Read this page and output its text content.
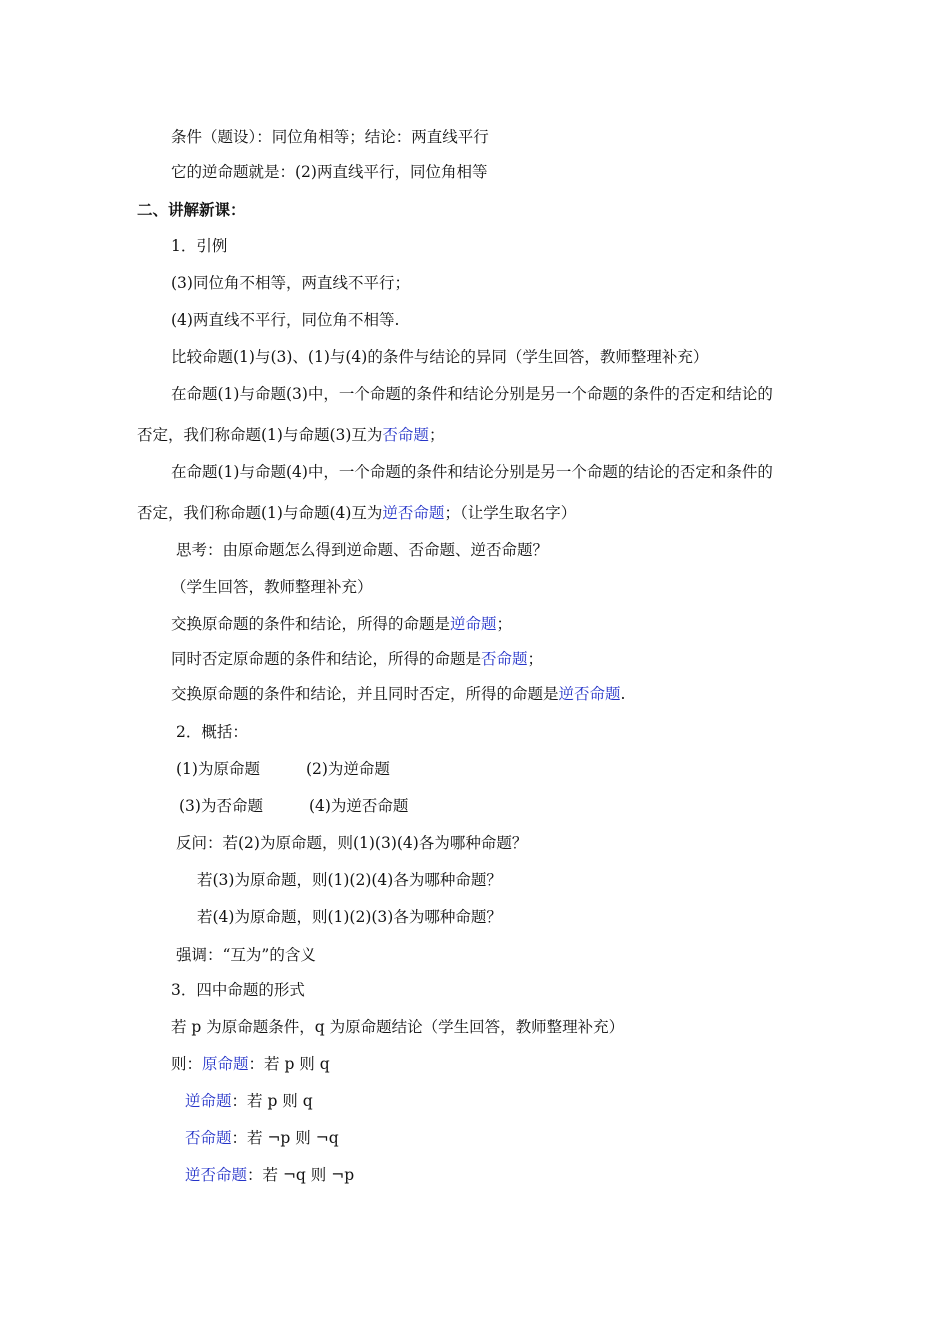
条件（题设）：同位角相等；结论：两直线平行
它的逆命题就是：(2)两直线平行，同位角相等
二、讲解新课：
1．引例
(3)同位角不相等，两直线不平行；
(4)两直线不平行，同位角不相等.
比较命题(1)与(3)、(1)与(4)的条件与结论的异同（学生回答，教师整理补充）
在命题(1)与命题(3)中，一个命题的条件和结论分别是另一个命题的条件的否定和结论的
否定，我们称命题(1)与命题(3)互为否命题；
在命题(1)与命题(4)中，一个命题的条件和结论分别是另一个命题的结论的否定和条件的
否定，我们称命题(1)与命题(4)互为逆否命题；（让学生取名字）
思考：由原命题怎么得到逆命题、否命题、逆否命题？
（学生回答，教师整理补充）
交换原命题的条件和结论，所得的命题是逆命题；
同时否定原命题的条件和结论，所得的命题是否命题；
交换原命题的条件和结论，并且同时否定，所得的命题是逆否命题.
2．概括：
(1)为原命题	(2)为逆命题
(3)为否命题	(4)为逆否命题
反问：若(2)为原命题，则(1)(3)(4)各为哪种命题？
若(3)为原命题，则(1)(2)(4)各为哪种命题？
若(4)为原命题，则(1)(2)(3)各为哪种命题？
强调：“互为”的含义
3．四中命题的形式
若 p 为原命题条件，q 为原命题结论（学生回答，教师整理补充）
则：原命题：若 p 则 q
逆命题：若 p 则 q
否命题：若 ¬p 则 ¬q
逆否命题：若 ¬q 则 ¬p
